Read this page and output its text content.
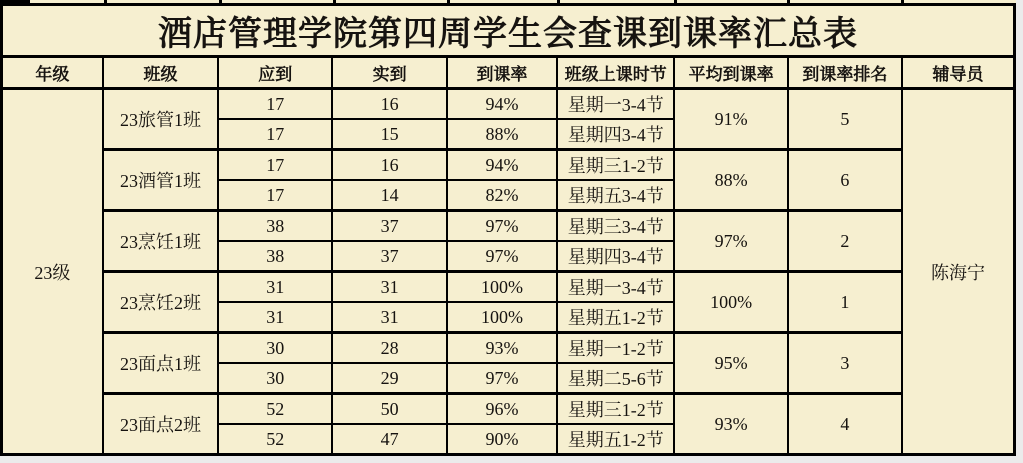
酒店管理学院第四周学生会查课到课率汇总表								
年级	班级	应到	实到	到课率	班级上课时节	平均到课率	到课率排名	辅导员
23级	23旅管1班	17	16	94%	星期一3-4节	91%	5	陈海宁
		17	15	88%	星期四3-4节			
	23酒管1班	17	16	94%	星期三1-2节	88%	6	
		17	14	82%	星期五3-4节			
	23烹饪1班	38	37	97%	星期三3-4节	97%	2	
		38	37	97%	星期四3-4节			
	23烹饪2班	31	31	100%	星期一3-4节	100%	1	
		31	31	100%	星期五1-2节			
	23面点1班	30	28	93%	星期一1-2节	95%	3	
		30	29	97%	星期二5-6节			
	23面点2班	52	50	96%	星期三1-2节	93%	4	
		52	47	90%	星期五1-2节			
